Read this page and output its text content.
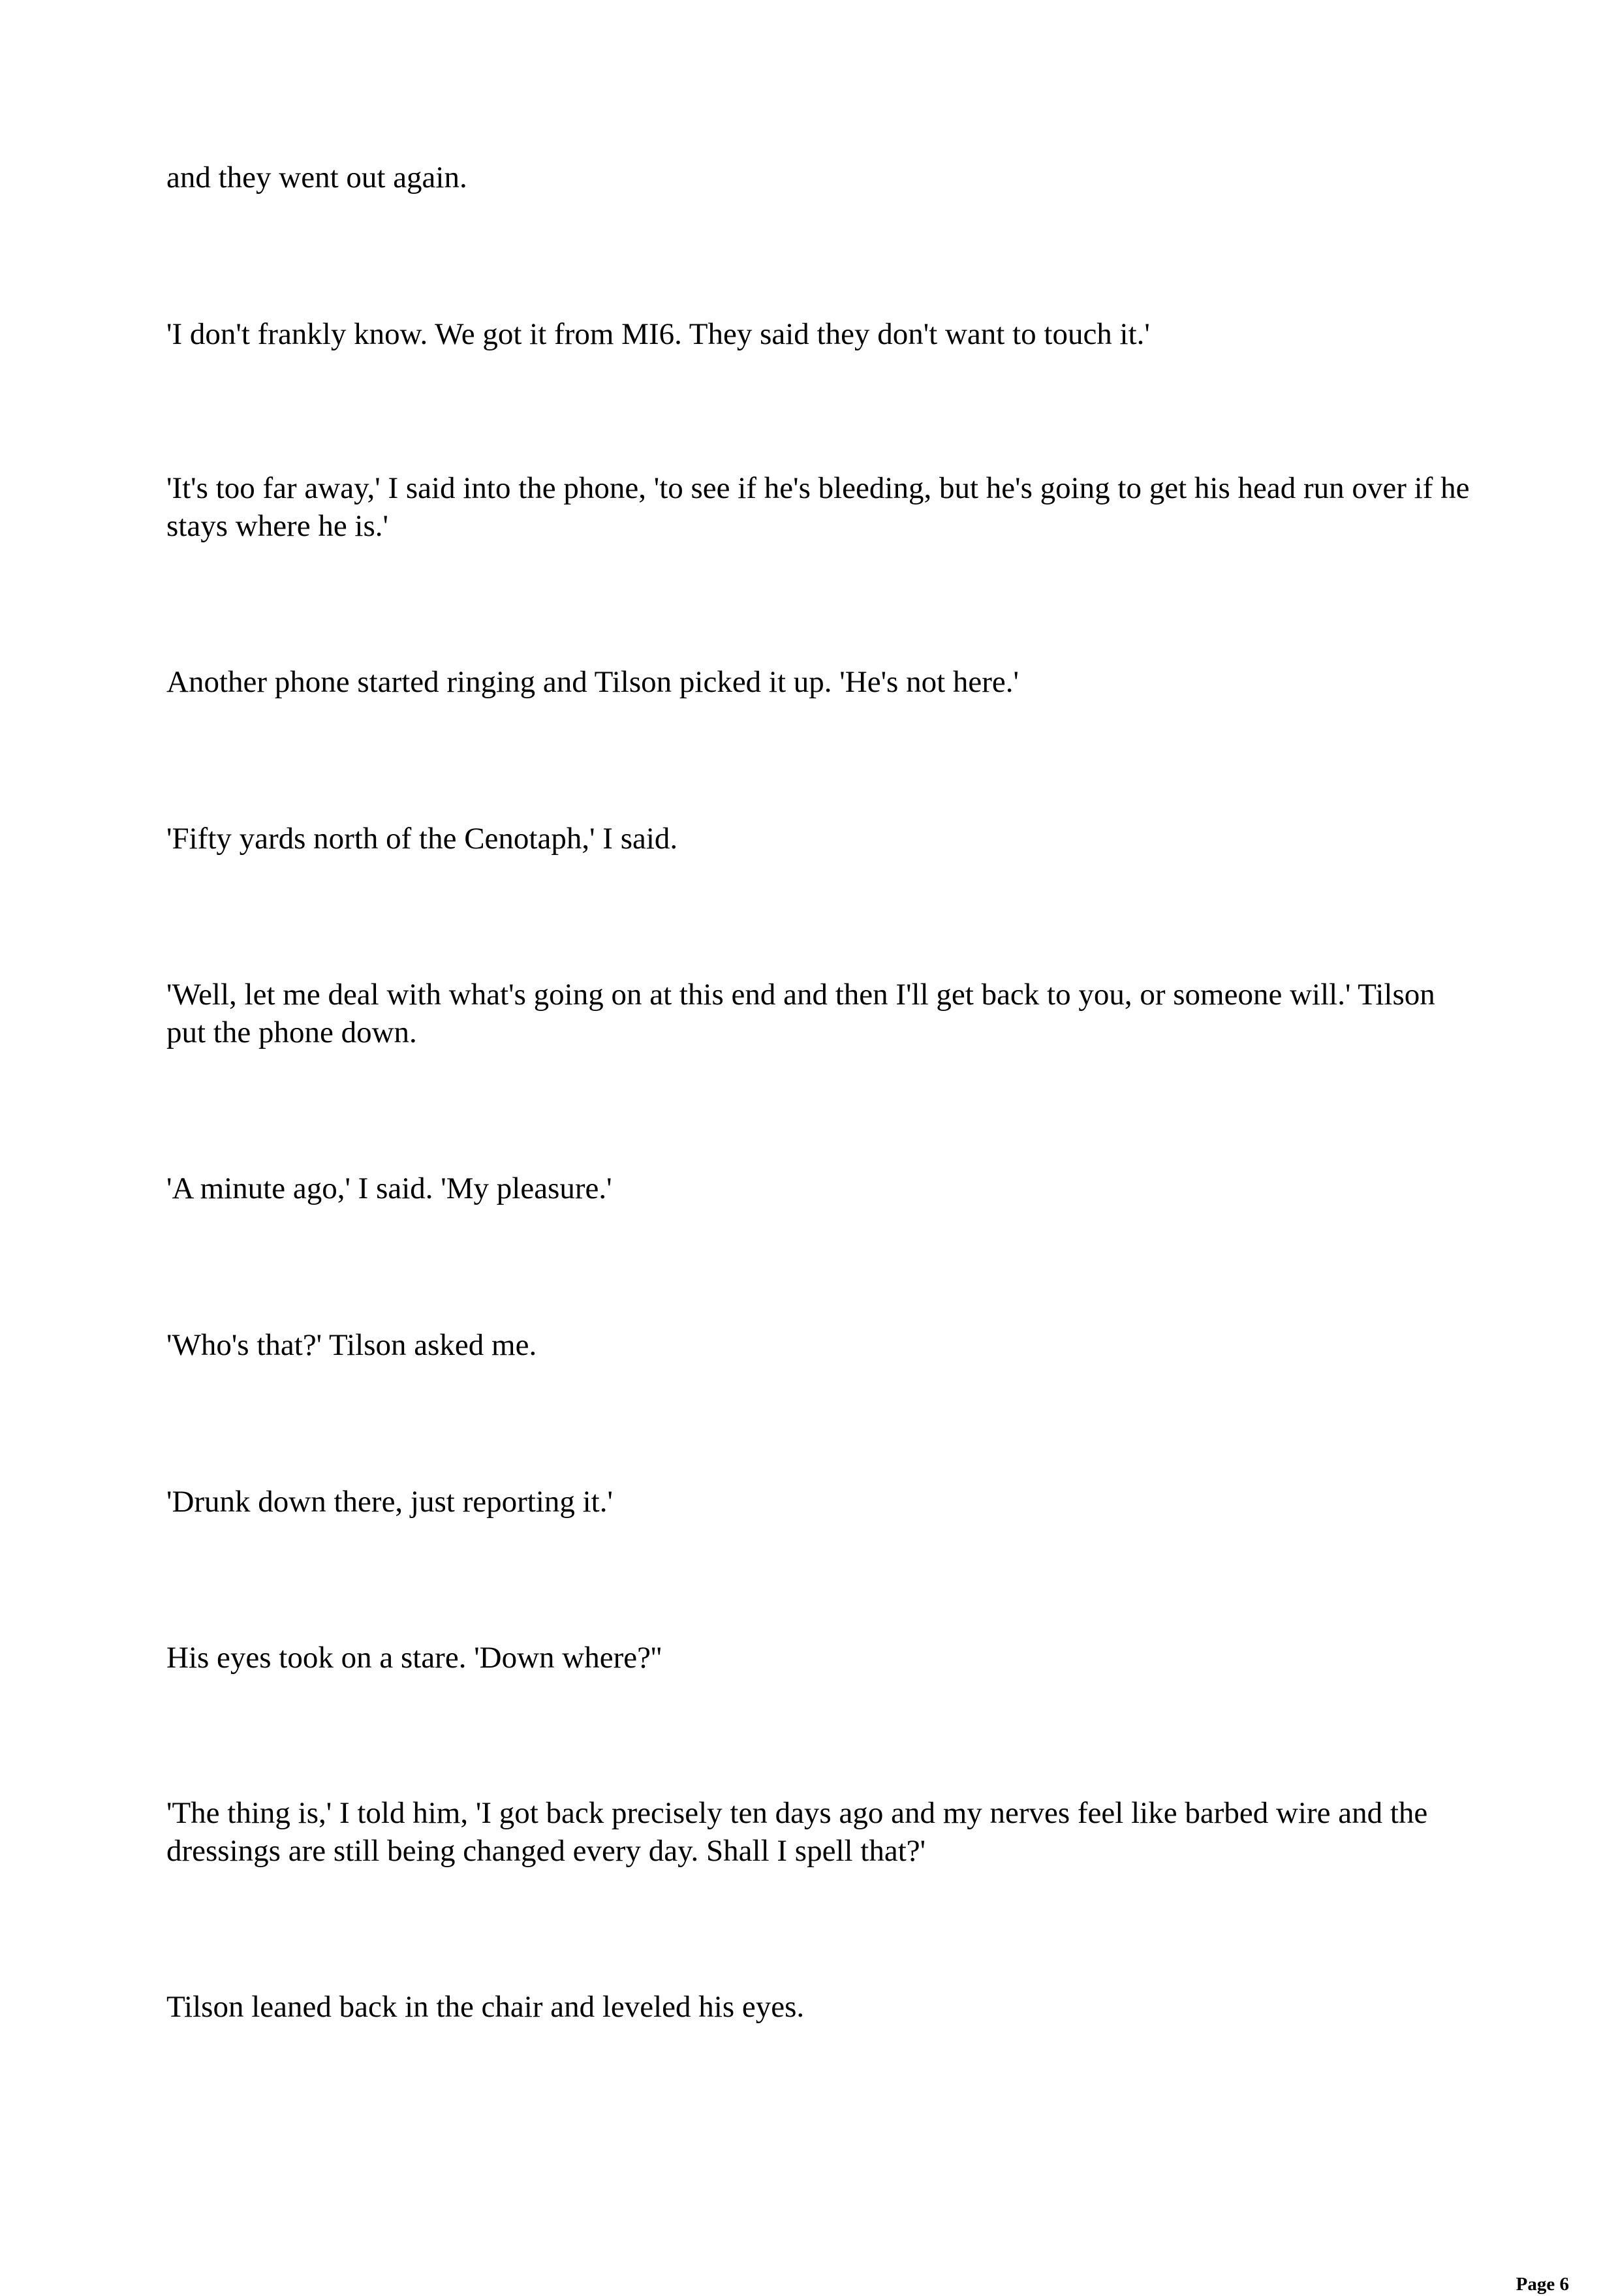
and they went out again.

'I don't frankly know. We got it from MI6. They said they don't want to touch it.'

'It's too far away,' I said into the phone, 'to see if he's bleeding, but he's going to get his head run over if he stays where he is.'

Another phone started ringing and Tilson picked it up. 'He's not here.'

'Fifty yards north of the Cenotaph,' I said.

'Well, let me deal with what's going on at this end and then I'll get back to you, or someone will.' Tilson put the phone down.

'A minute ago,' I said. 'My pleasure.'

'Who's that?' Tilson asked me.

'Drunk down there, just reporting it.'

His eyes took on a stare. 'Down where?''

'The thing is,' I told him, 'I got back precisely ten days ago and my nerves feel like barbed wire and the dressings are still being changed every day. Shall I spell that?'

Tilson leaned back in the chair and leveled his eyes.

Page 6
